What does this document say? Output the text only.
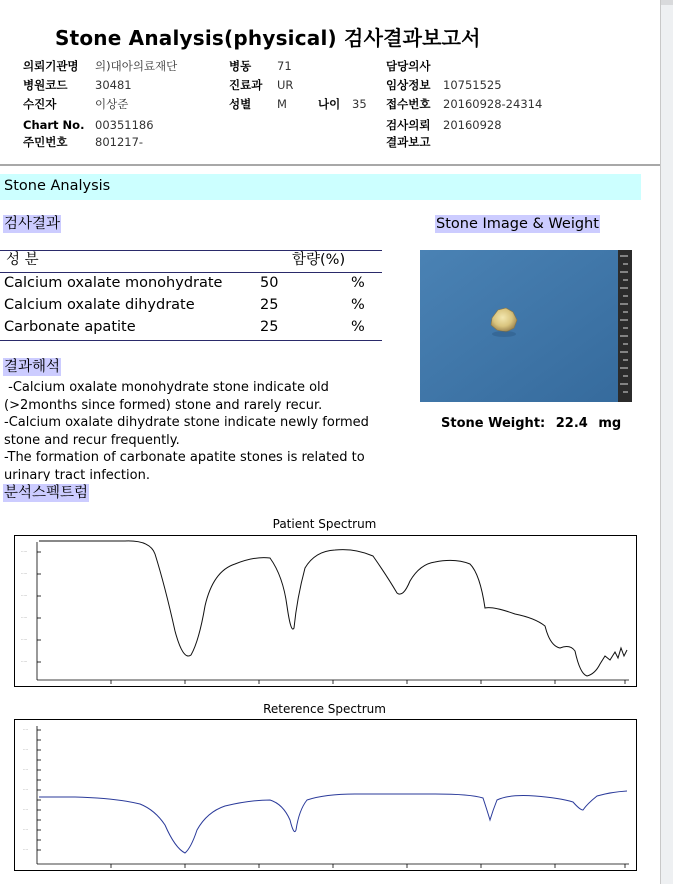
Stone Analysis(physical) 검사결과보고서
의뢰기관명 의)대아의료재단
병원코드 30481
수진자	이상준
Chart No. 00351186
주민번호 801217-
병동 71
진료과 UR
성별 M	나이 35
담당의사
임상정보 10751525
접수번호 20160928-24314
검사의뢰 20160928
결과보고
Stone Analysis
검사결과
성 분	함량(%)
Calcium oxalate monohydrate	50	%
Calcium oxalate dihydrate	25	%
Carbonate apatite	25	%
Stone Image & Weight
Stone Weight: 22.4 mg
결과해석
-Calcium oxalate monohydrate stone indicate old (>2months since formed) stone and rarely recur.
-Calcium oxalate dihydrate stone indicate newly formed stone and recur frequently.
-The formation of carbonate apatite stones is related to urinary tract infection.
분석스펙트럼
Patient Spectrum
·····
·····
·····
·····
·····
·····
Reterence Spectrum
····
····
····
····
····
····
····
